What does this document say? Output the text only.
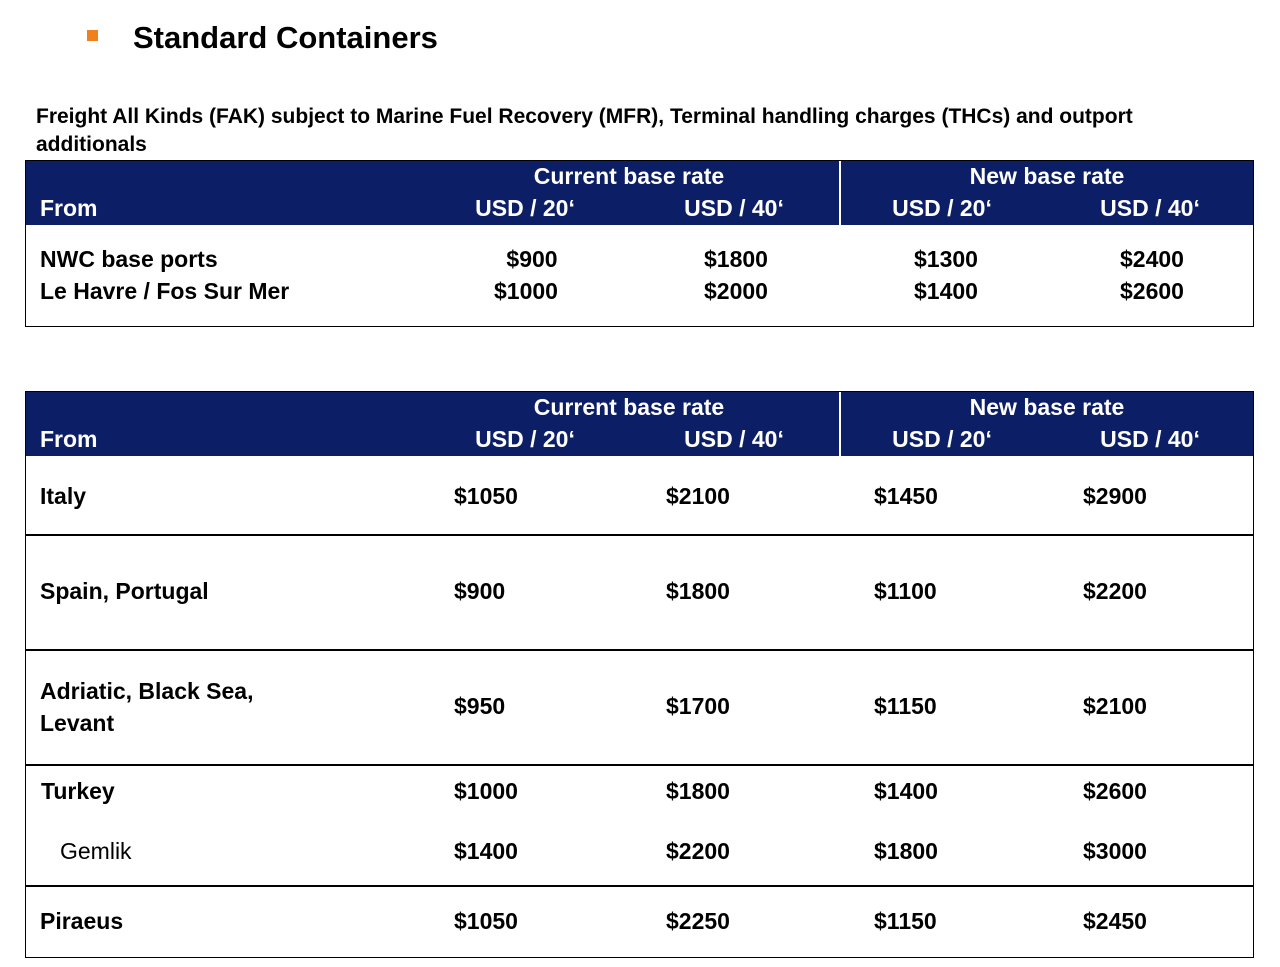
Standard Containers
Freight All Kinds (FAK) subject to Marine Fuel Recovery (MFR), Terminal handling charges (THCs) and outport additionals
From
Current base rate	New base rate
USD / 20‘	USD / 40‘	USD / 20‘	USD / 40‘
NWC base ports	$900	$1800	$1300	$2400
Le Havre / Fos Sur Mer	$1000	$2000	$1400	$2600
From
Current base rate	New base rate
USD / 20‘	USD / 40‘	USD / 20‘	USD / 40‘
Italy	$1050	$2100	$1450	$2900
Spain, Portugal	$900	$1800	$1100	$2200
Adriatic, Black Sea,
Levant
$950	$1700	$1150	$2100
Turkey	$1000	$1800	$1400	$2600
Gemlik	$1400	$2200	$1800	$3000
Piraeus	$1050	$2250	$1150	$2450
